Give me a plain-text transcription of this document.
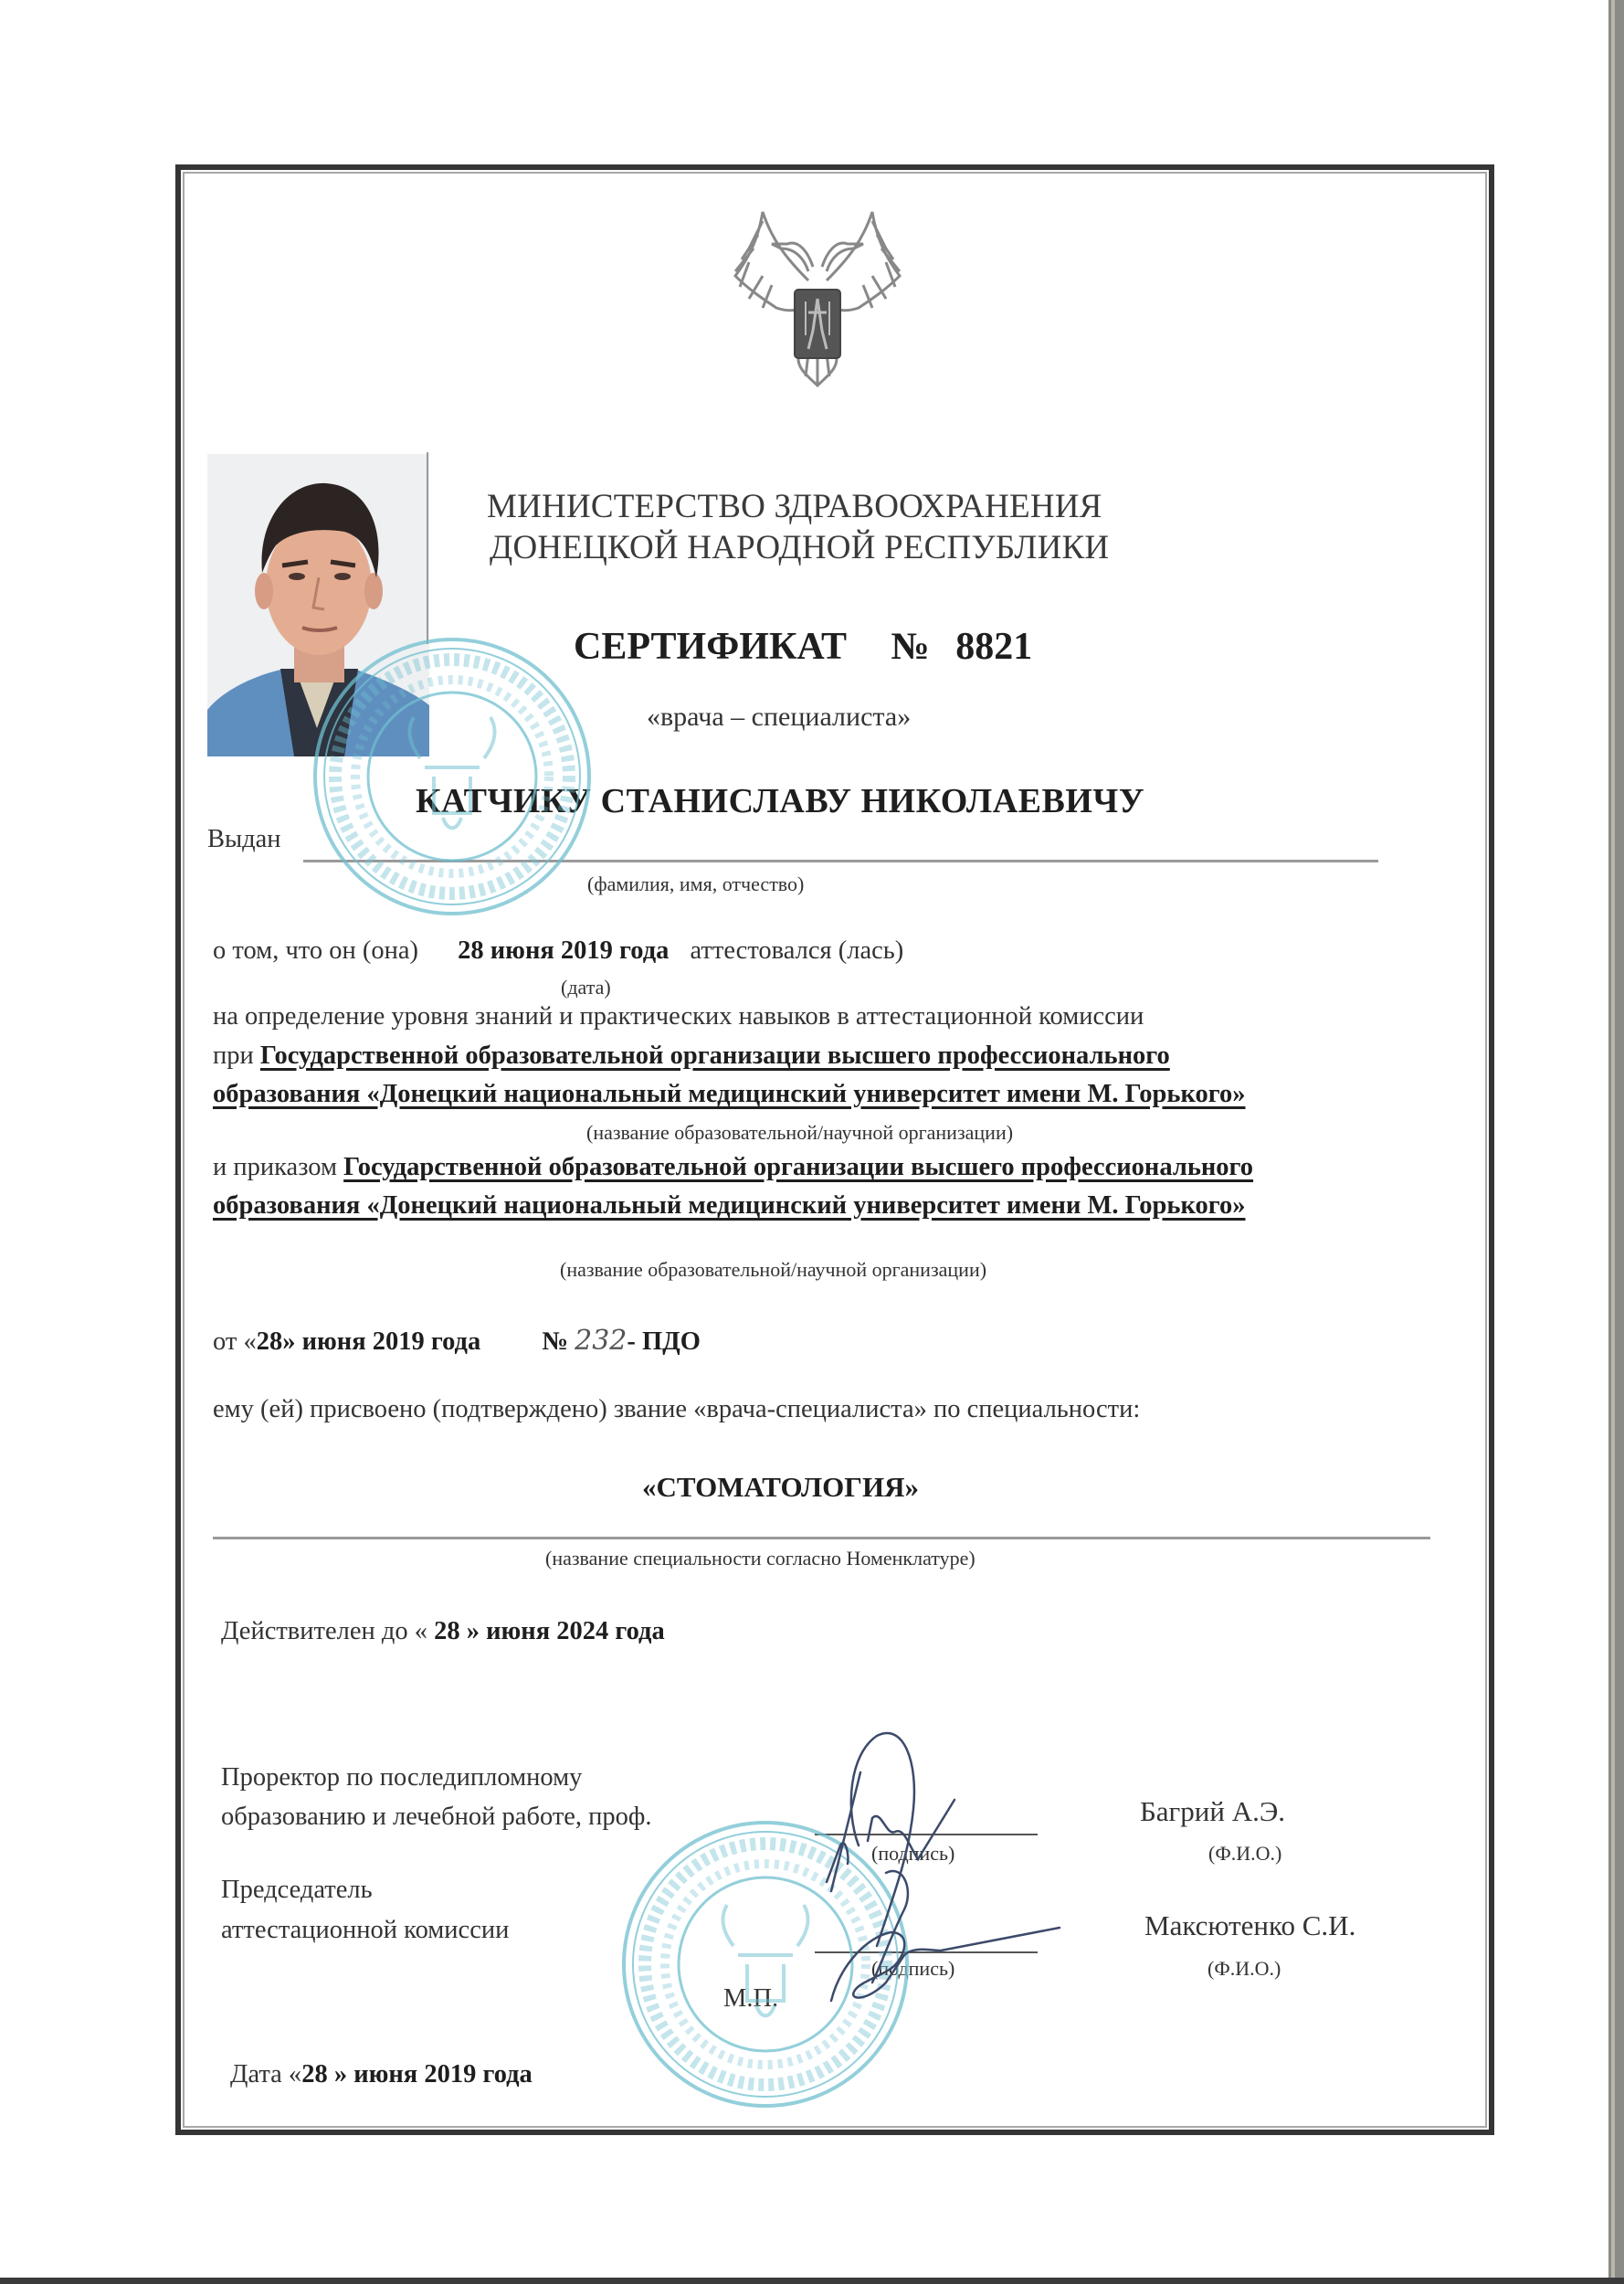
МИНИСТЕРСТВО ЗДРАВООХРАНЕНИЯ
ДОНЕЦКОЙ НАРОДНОЙ РЕСПУБЛИКИ
СЕРТИФИКАТ № 8821
«врача – специалиста»
КАТЧИКУ СТАНИСЛАВУ НИКОЛАЕВИЧУ
Выдан
(фамилия, имя, отчество)
о том, что он (она) 28 июня 2019 года аттестовался (лась)
(дата)
на определение уровня знаний и практических навыков в аттестационной комиссии
при Государственной образовательной организации высшего профессионального
образования «Донецкий национальный медицинский университет имени М. Горького»
(название образовательной/научной организации)
и приказом Государственной образовательной организации высшего профессионального
образования «Донецкий национальный медицинский университет имени М. Горького»
(название образовательной/научной организации)
от «28» июня 2019 года № 232- ПДО
ему (ей) присвоено (подтверждено) звание «врача-специалиста» по специальности:
«СТОМАТОЛОГИЯ»
(название специальности согласно Номенклатуре)
Действителен до « 28 » июня 2024 года
Проректор по последипломному
образованию и лечебной работе, проф.
(подпись)
Багрий А.Э.
(Ф.И.О.)
Председатель
аттестационной комиссии
(подпись)
Максютенко С.И.
(Ф.И.О.)
М.П.
Дата «28 » июня 2019 года
